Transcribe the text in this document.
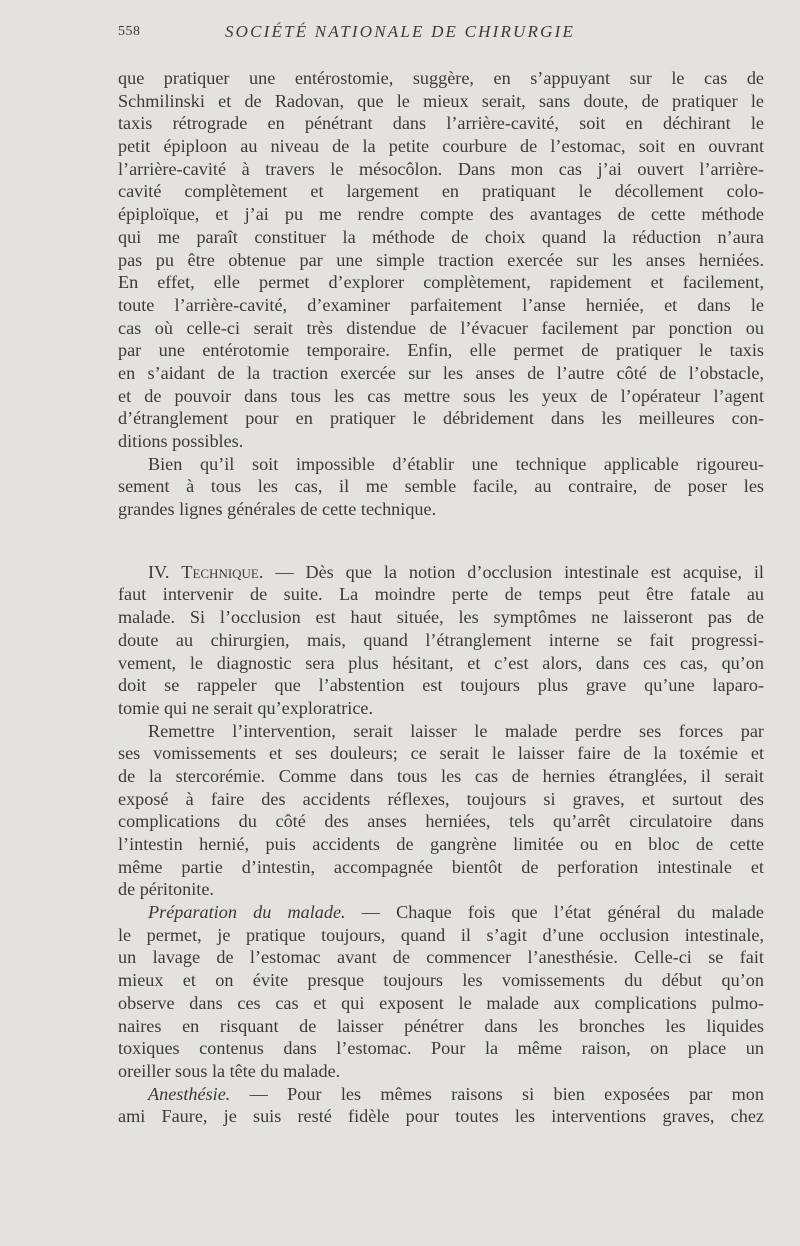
558	SOCIÉTÉ NATIONALE DE CHIRURGIE
que pratiquer une entérostomie, suggère, en s’appuyant sur le cas de
Schmilinski et de Radovan, que le mieux serait, sans doute, de pratiquer le
taxis rétrograde en pénétrant dans l’arrière-cavité, soit en déchirant le
petit épiploon au niveau de la petite courbure de l’estomac, soit en ouvrant
l’arrière-cavité à travers le mésocôlon. Dans mon cas j’ai ouvert l’arrière-
cavité complètement et largement en pratiquant le décollement colo-
épiploïque, et j’ai pu me rendre compte des avantages de cette méthode
qui me paraît constituer la méthode de choix quand la réduction n’aura
pas pu être obtenue par une simple traction exercée sur les anses herniées.
En effet, elle permet d’explorer complètement, rapidement et facilement,
toute l’arrière-cavité, d’examiner parfaitement l’anse herniée, et dans le
cas où celle-ci serait très distendue de l’évacuer facilement par ponction ou
par une entérotomie temporaire. Enfin, elle permet de pratiquer le taxis
en s’aidant de la traction exercée sur les anses de l’autre côté de l’obstacle,
et de pouvoir dans tous les cas mettre sous les yeux de l’opérateur l’agent
d’étranglement pour en pratiquer le débridement dans les meilleures con-
ditions possibles.
Bien qu’il soit impossible d’établir une technique applicable rigoureu-
sement à tous les cas, il me semble facile, au contraire, de poser les
grandes lignes générales de cette technique.
IV. Technique. — Dès que la notion d’occlusion intestinale est acquise, il
faut intervenir de suite. La moindre perte de temps peut être fatale au
malade. Si l’occlusion est haut située, les symptômes ne laisseront pas de
doute au chirurgien, mais, quand l’étranglement interne se fait progressi-
vement, le diagnostic sera plus hésitant, et c’est alors, dans ces cas, qu’on
doit se rappeler que l’abstention est toujours plus grave qu’une laparo-
tomie qui ne serait qu’exploratrice.
Remettre l’intervention, serait laisser le malade perdre ses forces par
ses vomissements et ses douleurs; ce serait le laisser faire de la toxémie et
de la stercorémie. Comme dans tous les cas de hernies étranglées, il serait
exposé à faire des accidents réflexes, toujours si graves, et surtout des
complications du côté des anses herniées, tels qu’arrêt circulatoire dans
l’intestin hernié, puis accidents de gangrène limitée ou en bloc de cette
même partie d’intestin, accompagnée bientôt de perforation intestinale et
de péritonite.
Préparation du malade. — Chaque fois que l’état général du malade
le permet, je pratique toujours, quand il s’agit d’une occlusion intestinale,
un lavage de l’estomac avant de commencer l’anesthésie. Celle-ci se fait
mieux et on évite presque toujours les vomissements du début qu’on
observe dans ces cas et qui exposent le malade aux complications pulmo-
naires en risquant de laisser pénétrer dans les bronches les liquides
toxiques contenus dans l’estomac. Pour la même raison, on place un
oreiller sous la tête du malade.
Anesthésie. — Pour les mêmes raisons si bien exposées par mon
ami Faure, je suis resté fidèle pour toutes les interventions graves, chez
